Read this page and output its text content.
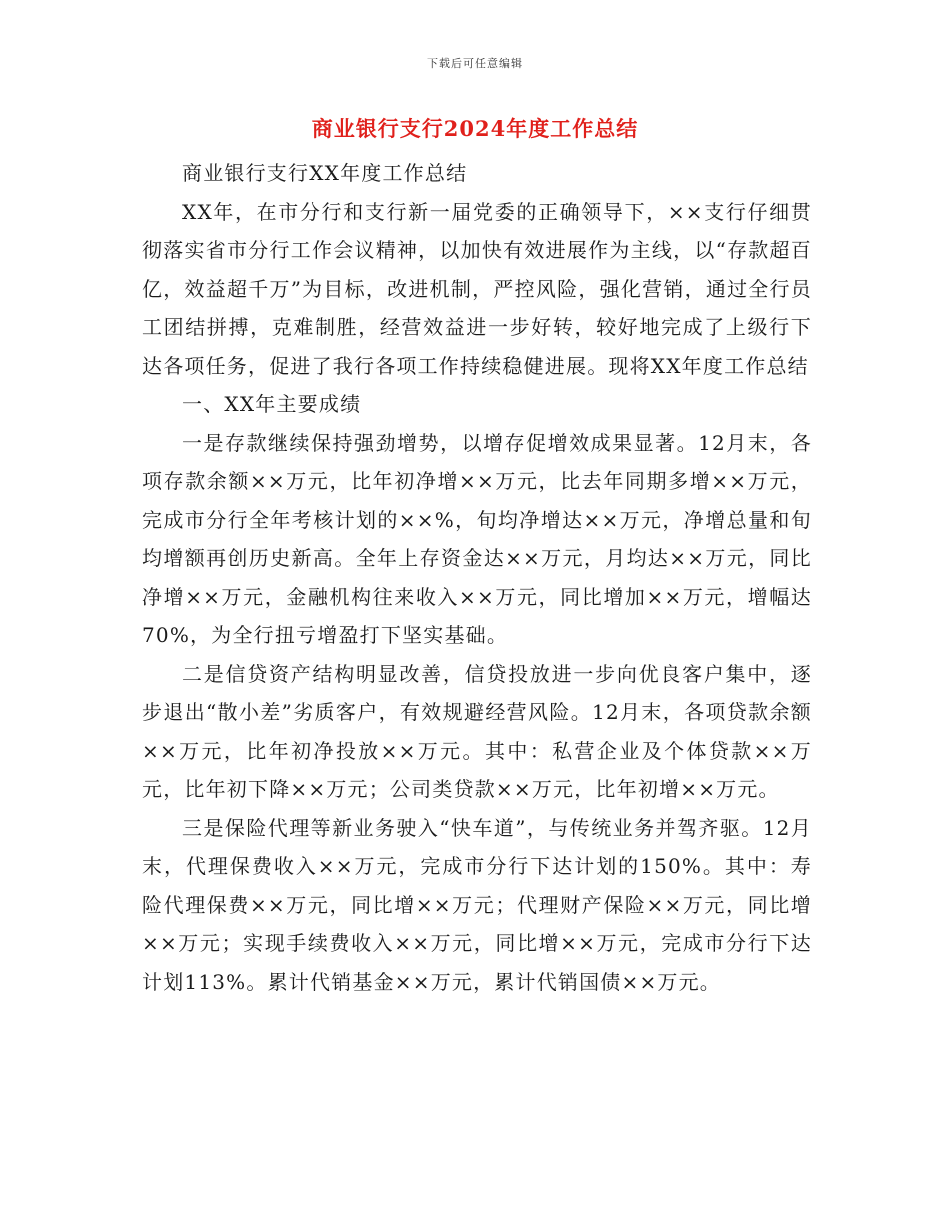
下载后可任意编辑
商业银行支行2024年度工作总结

商业银行支行XX年度工作总结

XX年，在市分行和支行新一届党委的正确领导下，××支行仔细贯彻落实省市分行工作会议精神，以加快有效进展作为主线，以“存款超百亿，效益超千万”为目标，改进机制，严控风险，强化营销，通过全行员工团结拼搏，克难制胜，经营效益进一步好转，较好地完成了上级行下达各项任务，促进了我行各项工作持续稳健进展。现将XX年度工作总结

一、XX年主要成绩

一是存款继续保持强劲增势，以增存促增效成果显著。12月末，各项存款余额××万元，比年初净增××万元，比去年同期多增××万元，完成市分行全年考核计划的××%，旬均净增达××万元，净增总量和旬均增额再创历史新高。全年上存资金达××万元，月均达××万元，同比净增××万元，金融机构往来收入××万元，同比增加××万元，增幅达70%，为全行扭亏增盈打下坚实基础。

二是信贷资产结构明显改善，信贷投放进一步向优良客户集中，逐步退出“散小差”劣质客户，有效规避经营风险。12月末，各项贷款余额××万元，比年初净投放××万元。其中：私营企业及个体贷款××万元，比年初下降××万元；公司类贷款××万元，比年初增××万元。

三是保险代理等新业务驶入“快车道”，与传统业务并驾齐驱。12月末，代理保费收入××万元，完成市分行下达计划的150%。其中：寿险代理保费××万元，同比增××万元；代理财产保险××万元，同比增××万元；实现手续费收入××万元，同比增××万元，完成市分行下达计划113%。累计代销基金××万元，累计代销国债××万元。
